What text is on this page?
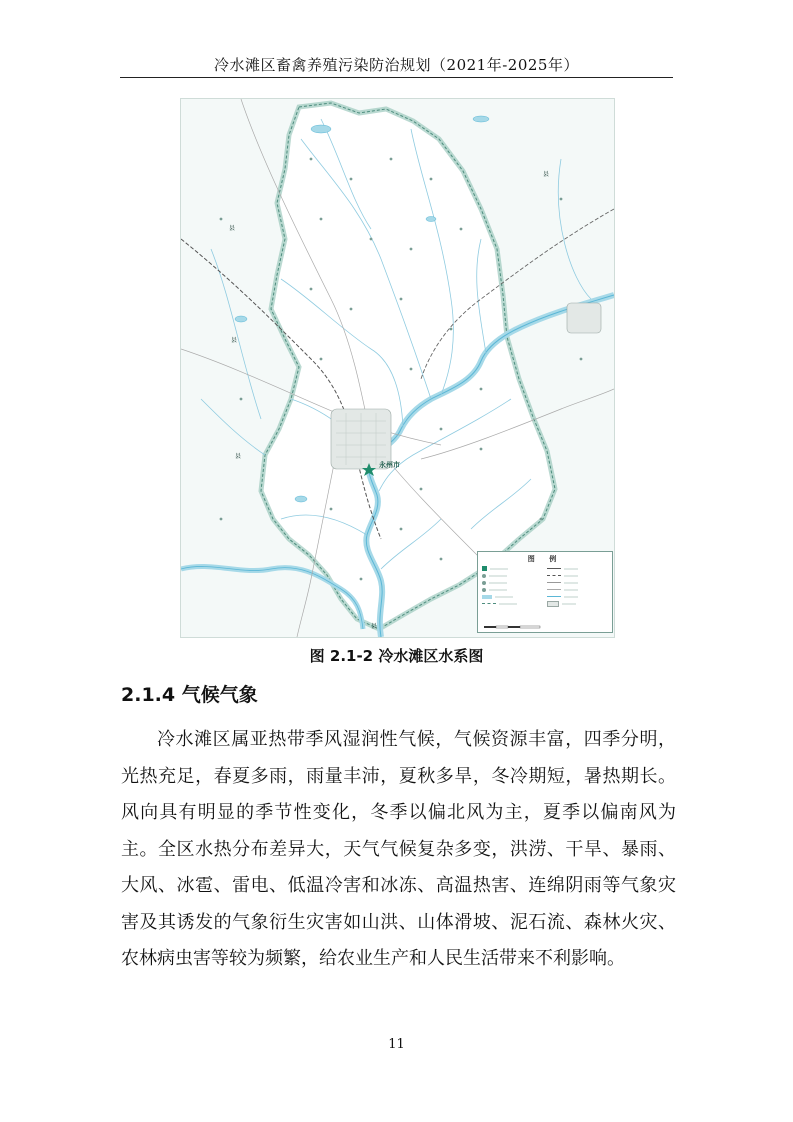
冷水滩区畜禽养殖污染防治规划（2021年-2025年）
永州市
县
县
县
县
县
图 例
图 2.1-2 冷水滩区水系图
2.1.4 气候气象
冷水滩区属亚热带季风湿润性气候，气候资源丰富，四季分明，光热充足，春夏多雨，雨量丰沛，夏秋多旱，冬冷期短，暑热期长。风向具有明显的季节性变化，冬季以偏北风为主，夏季以偏南风为主。全区水热分布差异大，天气气候复杂多变，洪涝、干旱、暴雨、大风、冰雹、雷电、低温冷害和冰冻、高温热害、连绵阴雨等气象灾害及其诱发的气象衍生灾害如山洪、山体滑坡、泥石流、森林火灾、农林病虫害等较为频繁，给农业生产和人民生活带来不利影响。
11
